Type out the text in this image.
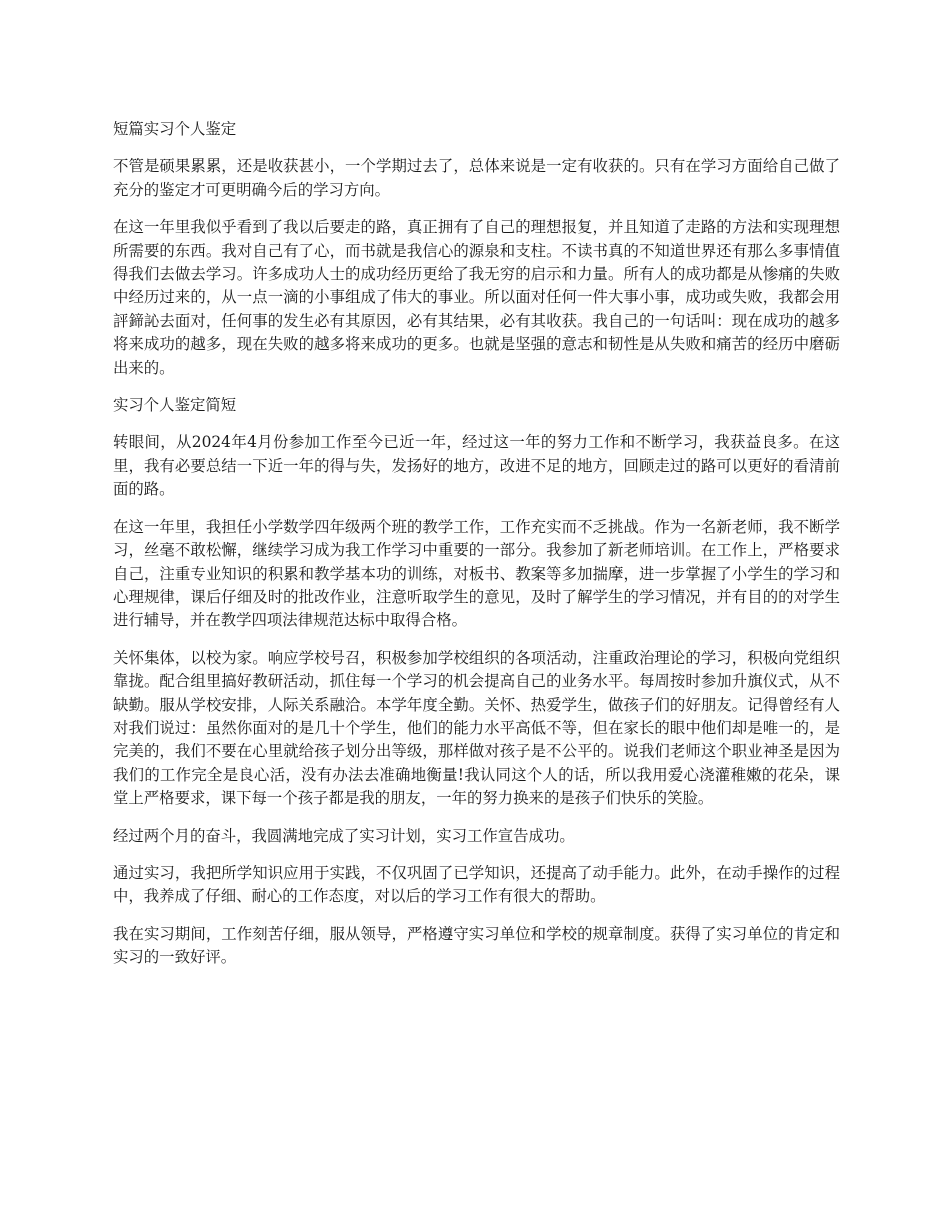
短篇实习个人鉴定

不管是硕果累累，还是收获甚小，一个学期过去了，总体来说是一定有收获的。只有在学习方面给自己做了充分的鉴定才可更明确今后的学习方向。

在这一年里我似乎看到了我以后要走的路，真正拥有了自己的理想报复，并且知道了走路的方法和实现理想所需要的东西。我对自己有了心，而书就是我信心的源泉和支柱。不读书真的不知道世界还有那么多事情值得我们去做去学习。许多成功人士的成功经历更给了我无穷的启示和力量。所有人的成功都是从惨痛的失败中经历过来的，从一点一滴的小事组成了伟大的事业。所以面对任何一件大事小事，成功或失败，我都会用評鍗訫去面对，任何事的发生必有其原因，必有其结果，必有其收获。我自己的一句话叫：现在成功的越多将来成功的越多，现在失败的越多将来成功的更多。也就是坚强的意志和韧性是从失败和痛苦的经历中磨砺出来的。

实习个人鉴定简短

转眼间，从2024年4月份参加工作至今已近一年，经过这一年的努力工作和不断学习，我获益良多。在这里，我有必要总结一下近一年的得与失，发扬好的地方，改进不足的地方，回顾走过的路可以更好的看清前面的路。

在这一年里，我担任小学数学四年级两个班的教学工作，工作充实而不乏挑战。作为一名新老师，我不断学习，丝毫不敢松懈，继续学习成为我工作学习中重要的一部分。我参加了新老师培训。在工作上，严格要求自己，注重专业知识的积累和教学基本功的训练，对板书、教案等多加揣摩，进一步掌握了小学生的学习和心理规律，课后仔细及时的批改作业，注意听取学生的意见，及时了解学生的学习情况，并有目的的对学生进行辅导，并在教学四项法律规范达标中取得合格。

关怀集体，以校为家。响应学校号召，积极参加学校组织的各项活动，注重政治理论的学习，积极向党组织靠拢。配合组里搞好教研活动，抓住每一个学习的机会提高自己的业务水平。每周按时参加升旗仪式，从不缺勤。服从学校安排，人际关系融洽。本学年度全勤。关怀、热爱学生，做孩子们的好朋友。记得曾经有人对我们说过：虽然你面对的是几十个学生，他们的能力水平高低不等，但在家长的眼中他们却是唯一的，是完美的，我们不要在心里就给孩子划分出等级，那样做对孩子是不公平的。说我们老师这个职业神圣是因为我们的工作完全是良心活，没有办法去准确地衡量!我认同这个人的话，所以我用爱心浇灌稚嫩的花朵，课堂上严格要求，课下每一个孩子都是我的朋友，一年的努力换来的是孩子们快乐的笑脸。

经过两个月的奋斗，我圆满地完成了实习计划，实习工作宣告成功。

通过实习，我把所学知识应用于实践，不仅巩固了已学知识，还提高了动手能力。此外，在动手操作的过程中，我养成了仔细、耐心的工作态度，对以后的学习工作有很大的帮助。

我在实习期间，工作刻苦仔细，服从领导，严格遵守实习单位和学校的规章制度。获得了实习单位的肯定和实习的一致好评。
